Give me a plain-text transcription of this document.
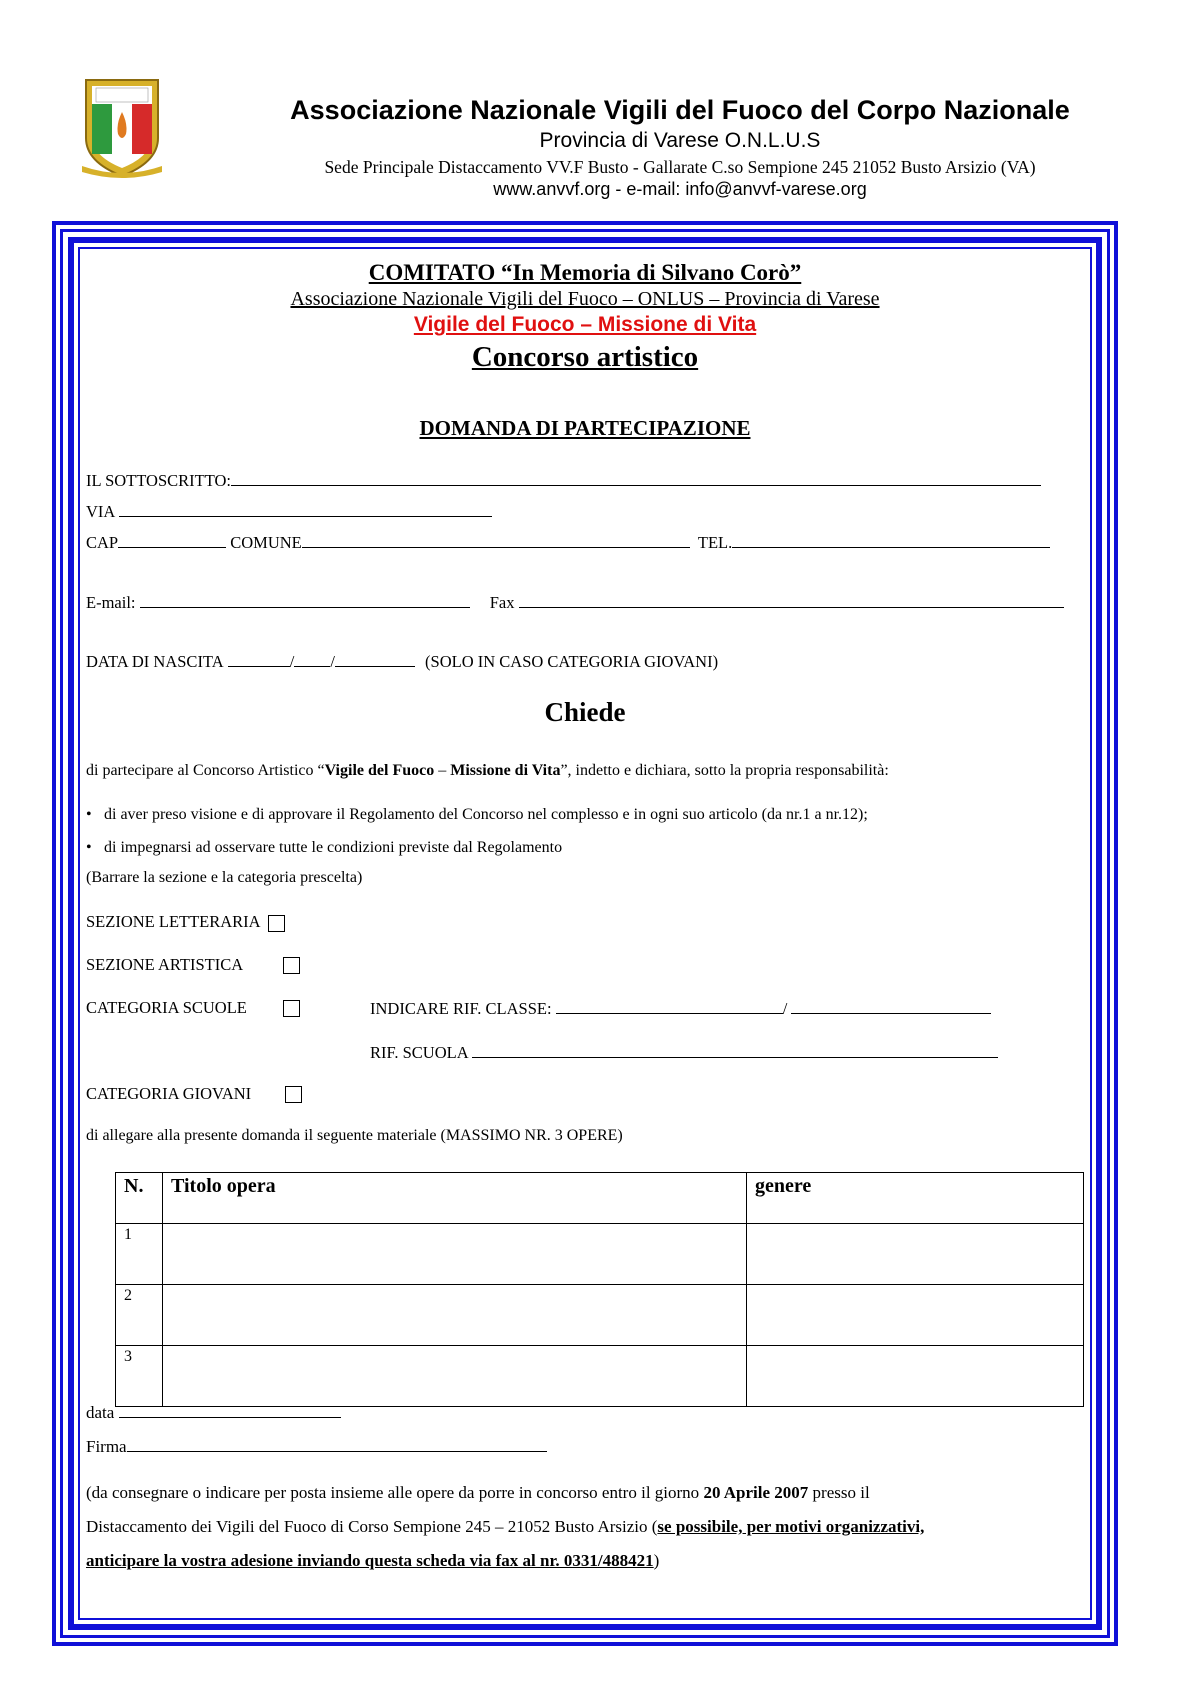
Associazione Nazionale Vigili del Fuoco del Corpo Nazionale
Provincia di Varese O.N.L.U.S
Sede Principale Distaccamento VV.F Busto - Gallarate C.so Sempione 245 21052 Busto Arsizio (VA)
www.anvvf.org - e-mail: info@anvvf-varese.org
COMITATO “In Memoria di Silvano Corò”
Associazione Nazionale Vigili del Fuoco – ONLUS – Provincia di Varese
Vigile del Fuoco – Missione di Vita
Concorso artistico
DOMANDA DI PARTECIPAZIONE
IL SOTTOSCRITTO:
VIA
CAP	COMUNE	TEL.
E-mail:	Fax
DATA DI NASCITA	/ /	(SOLO IN CASO CATEGORIA GIOVANI)
Chiede
di partecipare al Concorso Artistico “Vigile del Fuoco – Missione di Vita”, indetto e dichiara, sotto la propria responsabilità:
• di aver preso visione e di approvare il Regolamento del Concorso nel complesso e in ogni suo articolo (da nr.1 a nr.12);
• di impegnarsi ad osservare tutte le condizioni previste dal Regolamento
(Barrare la sezione e la categoria prescelta)
SEZIONE LETTERARIA
SEZIONE ARTISTICA
CATEGORIA SCUOLE	INDICARE RIF. CLASSE:	/
RIF. SCUOLA
CATEGORIA GIOVANI
di allegare alla presente domanda il seguente materiale (MASSIMO NR. 3 OPERE)
N.	Titolo opera	genere
1		
2		
3		
data
Firma
(da consegnare o indicare per posta insieme alle opere da porre in concorso entro il giorno 20 Aprile 2007 presso il
Distaccamento dei Vigili del Fuoco di Corso Sempione 245 – 21052 Busto Arsizio (se possibile, per motivi organizzativi,
anticipare la vostra adesione inviando questa scheda via fax al nr. 0331/488421)
